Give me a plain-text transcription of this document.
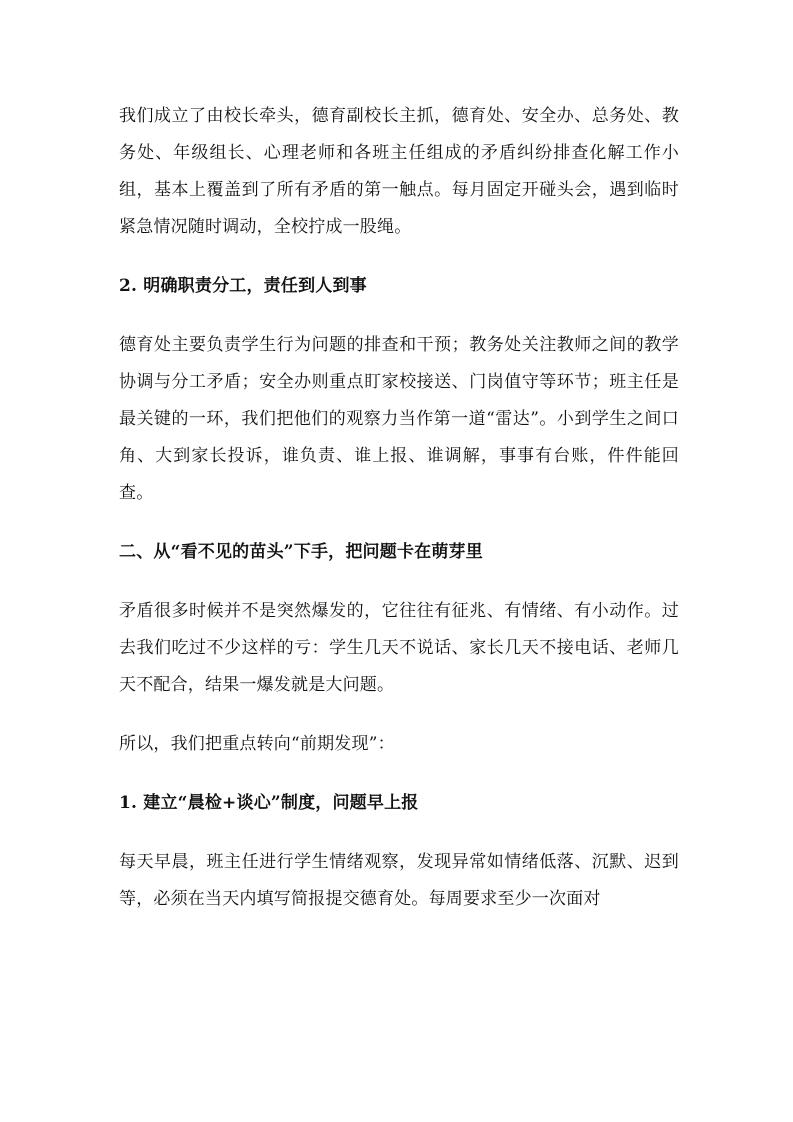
我们成立了由校长牵头，德育副校长主抓，德育处、安全办、总务处、教务处、年级组长、心理老师和各班主任组成的矛盾纠纷排查化解工作小组，基本上覆盖到了所有矛盾的第一触点。每月固定开碰头会，遇到临时紧急情况随时调动，全校拧成一股绳。

2. 明确职责分工，责任到人到事

德育处主要负责学生行为问题的排查和干预；教务处关注教师之间的教学协调与分工矛盾；安全办则重点盯家校接送、门岗值守等环节；班主任是最关键的一环，我们把他们的观察力当作第一道“雷达”。小到学生之间口角、大到家长投诉，谁负责、谁上报、谁调解，事事有台账，件件能回查。

二、从“看不见的苗头”下手，把问题卡在萌芽里

矛盾很多时候并不是突然爆发的，它往往有征兆、有情绪、有小动作。过去我们吃过不少这样的亏：学生几天不说话、家长几天不接电话、老师几天不配合，结果一爆发就是大问题。

所以，我们把重点转向“前期发现”：

1. 建立“晨检+谈心”制度，问题早上报

每天早晨，班主任进行学生情绪观察，发现异常如情绪低落、沉默、迟到等，必须在当天内填写简报提交德育处。每周要求至少一次面对
